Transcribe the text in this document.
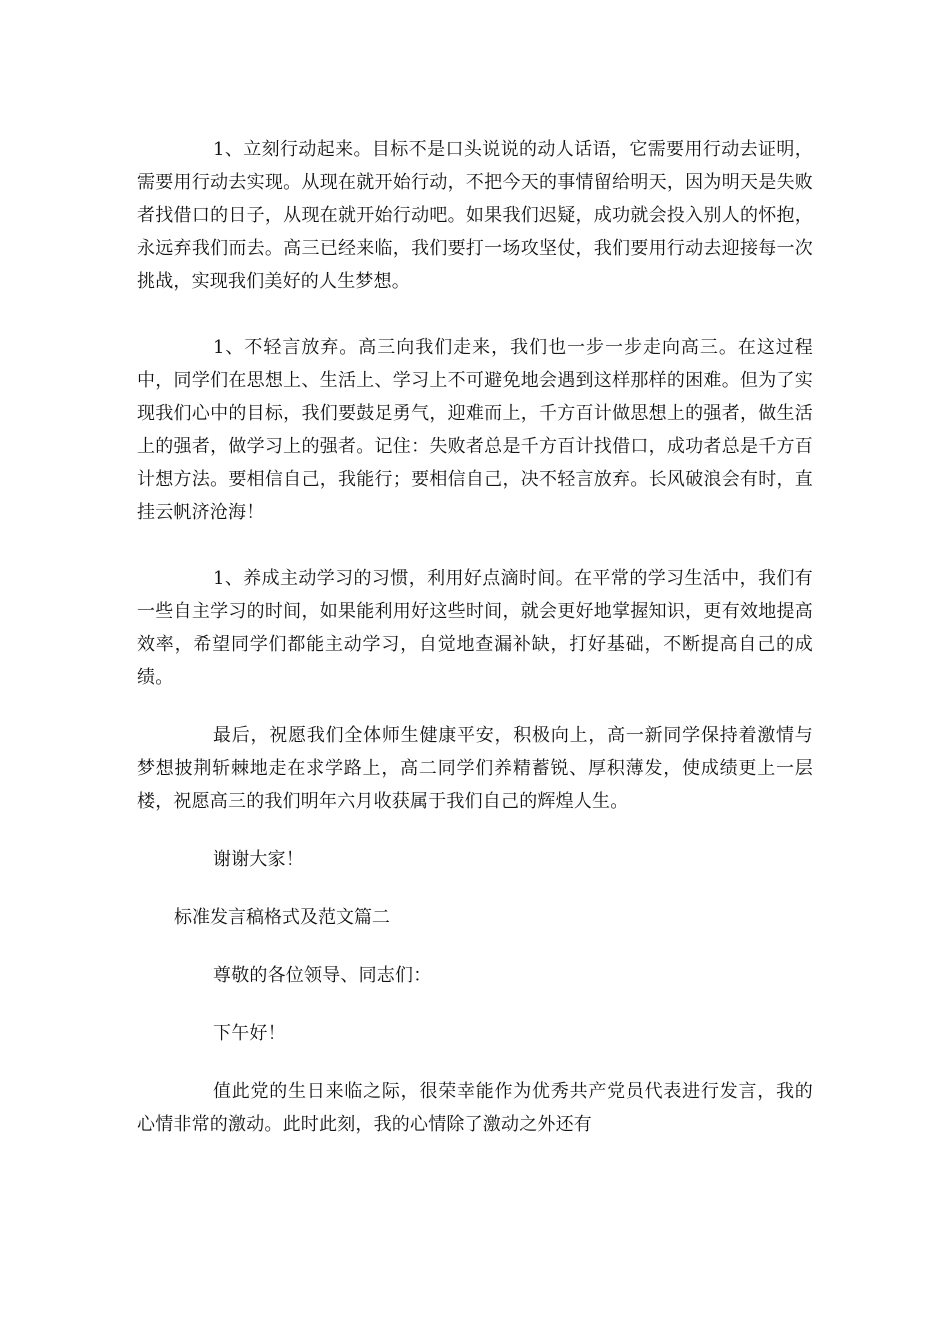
1、立刻行动起来。目标不是口头说说的动人话语，它需要用行动去证明，需要用行动去实现。从现在就开始行动，不把今天的事情留给明天，因为明天是失败者找借口的日子，从现在就开始行动吧。如果我们迟疑，成功就会投入别人的怀抱，永远弃我们而去。高三已经来临，我们要打一场攻坚仗，我们要用行动去迎接每一次挑战，实现我们美好的人生梦想。

1、不轻言放弃。高三向我们走来，我们也一步一步走向高三。在这过程中，同学们在思想上、生活上、学习上不可避免地会遇到这样那样的困难。但为了实现我们心中的目标，我们要鼓足勇气，迎难而上，千方百计做思想上的强者，做生活上的强者，做学习上的强者。记住：失败者总是千方百计找借口，成功者总是千方百计想方法。要相信自己，我能行；要相信自己，决不轻言放弃。长风破浪会有时，直挂云帆济沧海！

1、养成主动学习的习惯，利用好点滴时间。在平常的学习生活中，我们有一些自主学习的时间，如果能利用好这些时间，就会更好地掌握知识，更有效地提高效率，希望同学们都能主动学习，自觉地查漏补缺，打好基础，不断提高自己的成绩。

最后，祝愿我们全体师生健康平安，积极向上，高一新同学保持着激情与梦想披荆斩棘地走在求学路上，高二同学们养精蓄锐、厚积薄发，使成绩更上一层楼，祝愿高三的我们明年六月收获属于我们自己的辉煌人生。

谢谢大家！

标准发言稿格式及范文篇二

尊敬的各位领导、同志们：

下午好！

值此党的生日来临之际，很荣幸能作为优秀共产党员代表进行发言，我的心情非常的激动。此时此刻，我的心情除了激动之外还有
